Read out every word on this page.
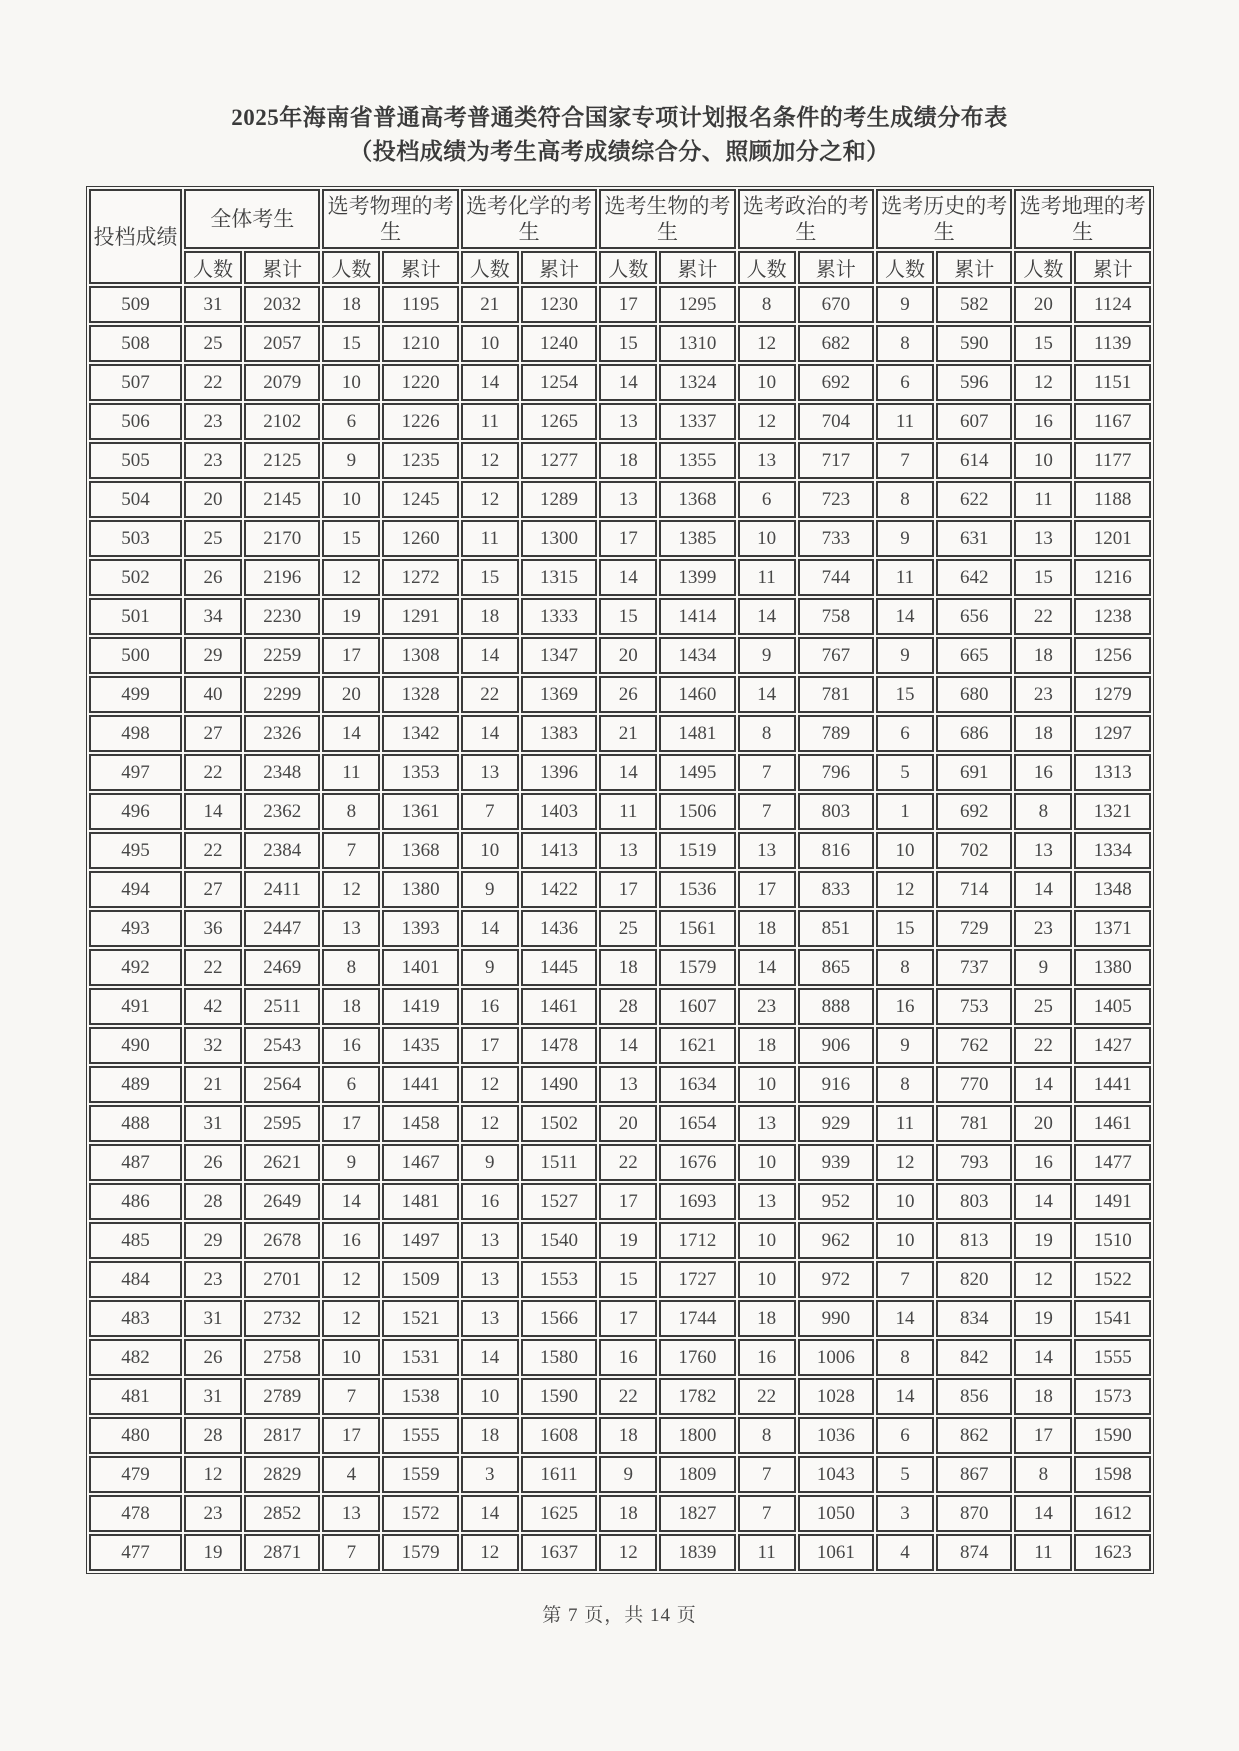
2025年海南省普通高考普通类符合国家专项计划报名条件的考生成绩分布表
（投档成绩为考生高考成绩综合分、照顾加分之和）
投档成绩	全体考生		选考物理的考生		选考化学的考生		选考生物的考生		选考政治的考生		选考历史的考生		选考地理的考生	
	人数	累计	人数	累计	人数	累计	人数	累计	人数	累计	人数	累计	人数	累计
509	31	2032	18	1195	21	1230	17	1295	8	670	9	582	20	1124
508	25	2057	15	1210	10	1240	15	1310	12	682	8	590	15	1139
507	22	2079	10	1220	14	1254	14	1324	10	692	6	596	12	1151
506	23	2102	6	1226	11	1265	13	1337	12	704	11	607	16	1167
505	23	2125	9	1235	12	1277	18	1355	13	717	7	614	10	1177
504	20	2145	10	1245	12	1289	13	1368	6	723	8	622	11	1188
503	25	2170	15	1260	11	1300	17	1385	10	733	9	631	13	1201
502	26	2196	12	1272	15	1315	14	1399	11	744	11	642	15	1216
501	34	2230	19	1291	18	1333	15	1414	14	758	14	656	22	1238
500	29	2259	17	1308	14	1347	20	1434	9	767	9	665	18	1256
499	40	2299	20	1328	22	1369	26	1460	14	781	15	680	23	1279
498	27	2326	14	1342	14	1383	21	1481	8	789	6	686	18	1297
497	22	2348	11	1353	13	1396	14	1495	7	796	5	691	16	1313
496	14	2362	8	1361	7	1403	11	1506	7	803	1	692	8	1321
495	22	2384	7	1368	10	1413	13	1519	13	816	10	702	13	1334
494	27	2411	12	1380	9	1422	17	1536	17	833	12	714	14	1348
493	36	2447	13	1393	14	1436	25	1561	18	851	15	729	23	1371
492	22	2469	8	1401	9	1445	18	1579	14	865	8	737	9	1380
491	42	2511	18	1419	16	1461	28	1607	23	888	16	753	25	1405
490	32	2543	16	1435	17	1478	14	1621	18	906	9	762	22	1427
489	21	2564	6	1441	12	1490	13	1634	10	916	8	770	14	1441
488	31	2595	17	1458	12	1502	20	1654	13	929	11	781	20	1461
487	26	2621	9	1467	9	1511	22	1676	10	939	12	793	16	1477
486	28	2649	14	1481	16	1527	17	1693	13	952	10	803	14	1491
485	29	2678	16	1497	13	1540	19	1712	10	962	10	813	19	1510
484	23	2701	12	1509	13	1553	15	1727	10	972	7	820	12	1522
483	31	2732	12	1521	13	1566	17	1744	18	990	14	834	19	1541
482	26	2758	10	1531	14	1580	16	1760	16	1006	8	842	14	1555
481	31	2789	7	1538	10	1590	22	1782	22	1028	14	856	18	1573
480	28	2817	17	1555	18	1608	18	1800	8	1036	6	862	17	1590
479	12	2829	4	1559	3	1611	9	1809	7	1043	5	867	8	1598
478	23	2852	13	1572	14	1625	18	1827	7	1050	3	870	14	1612
477	19	2871	7	1579	12	1637	12	1839	11	1061	4	874	11	1623
第 7 页，共 14 页
